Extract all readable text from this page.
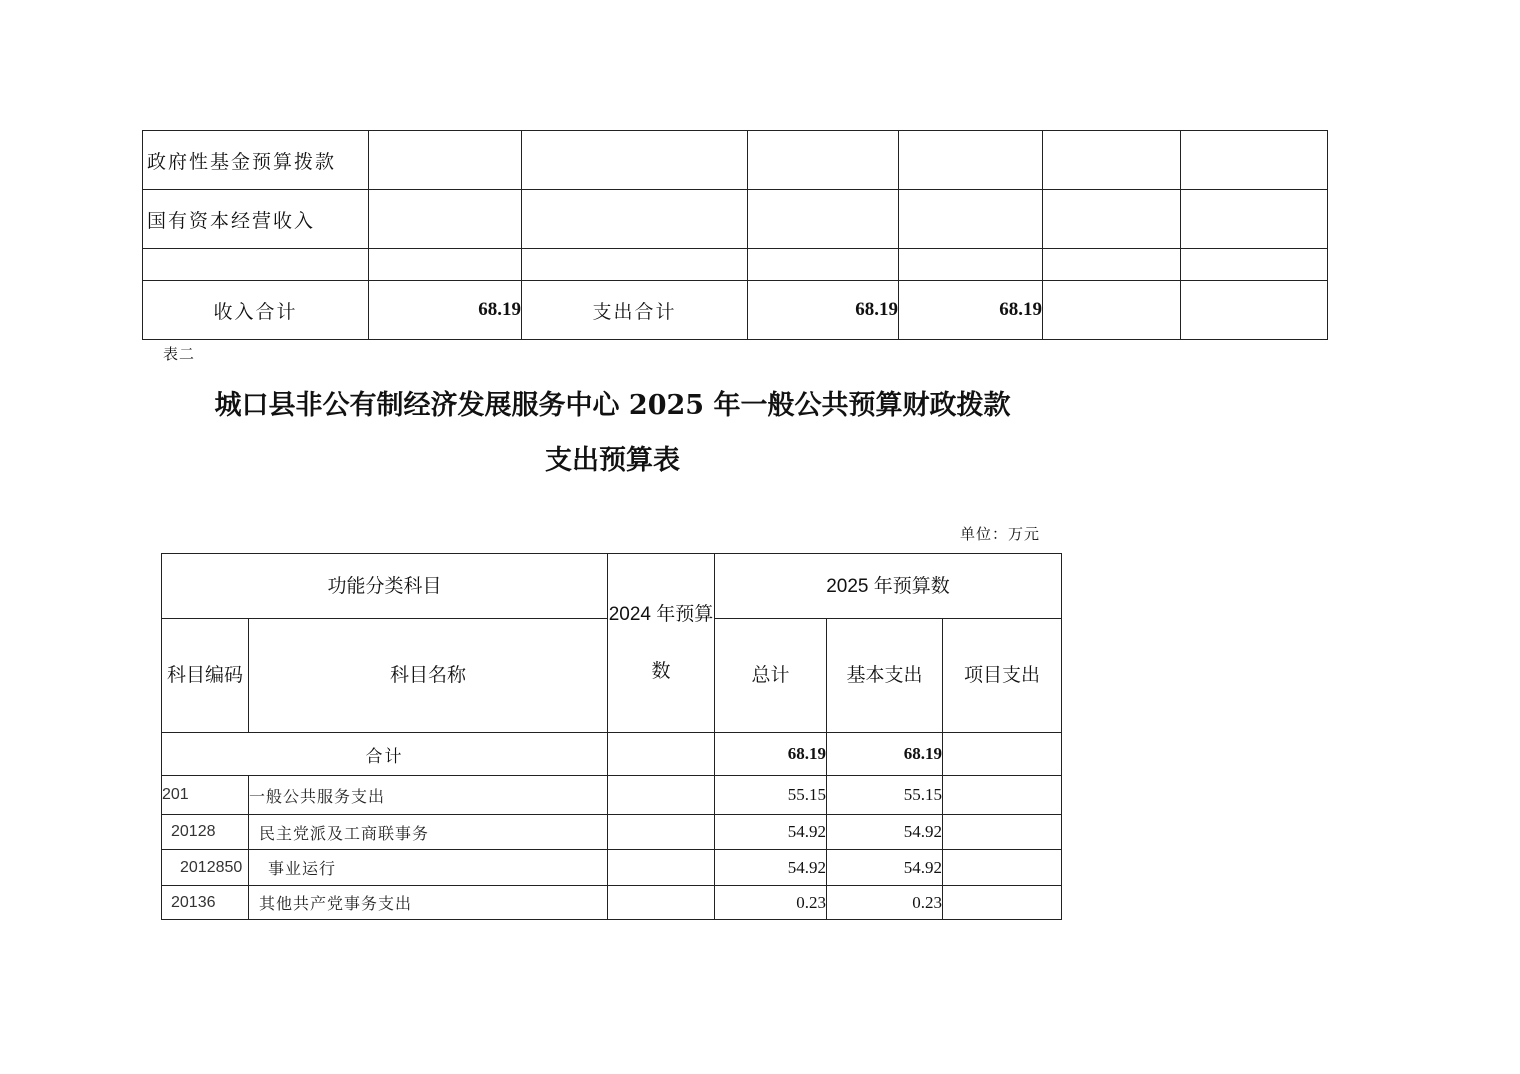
政府性基金预算拨款						
国有资本经营收入						

收入合计	68.19	支出合计	68.19	68.19		
表二
城口县非公有制经济发展服务中心 2025 年一般公共预算财政拨款
支出预算表
单位：万元
功能分类科目		2024 年预算数	2025 年预算数		
科目编码	科目名称		总计	基本支出	项目支出
合计			68.19	68.19	
201	一般公共服务支出		55.15	55.15	
20128	民主党派及工商联事务		54.92	54.92	
2012850	事业运行		54.92	54.92	
20136	其他共产党事务支出		0.23	0.23	
